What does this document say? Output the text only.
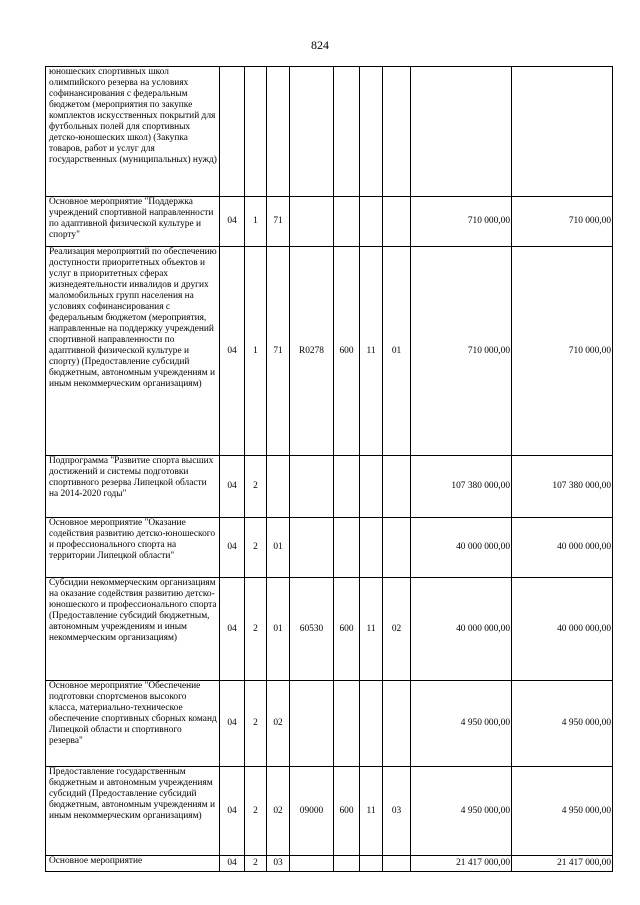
824
юношеских спортивных школ олимпийского резерва на условиях софинансирования с федеральным бюджетом (мероприятия по закупке комплектов искусственных покрытий для футбольных полей для спортивных детско-юношеских школ) (Закупка товаров, работ и услуг для государственных (муниципальных) нужд)									
Основное мероприятие "Поддержка учреждений спортивной направленности по адаптивной физической культуре и спорту"	04	1	71					710 000,00	710 000,00
Реализация мероприятий по обеспечению доступности приоритетных объектов и услуг в приоритетных сферах жизнедеятельности инвалидов и других маломобильных групп населения на условиях софинансирования с федеральным бюджетом (мероприятия, направленные на поддержку учреждений спортивной направленности по адаптивной физической культуре и спорту) (Предоставление субсидий бюджетным, автономным учреждениям и иным некоммерческим организациям)	04	1	71	R0278	600	11	01	710 000,00	710 000,00
Подпрограмма "Развитие спорта высших достижений и системы подготовки спортивного резерва Липецкой области на 2014-2020 годы"	04	2						107 380 000,00	107 380 000,00
Основное мероприятие "Оказание содействия развитию детско-юношеского и профессионального спорта на территории Липецкой области"	04	2	01					40 000 000,00	40 000 000,00
Субсидии некоммерческим организациям на оказание содействия развитию детско-юношеского и профессионального спорта (Предоставление субсидий бюджетным, автономным учреждениям и иным некоммерческим организациям)	04	2	01	60530	600	11	02	40 000 000,00	40 000 000,00
Основное мероприятие "Обеспечение подготовки спортсменов высокого класса, материально-техническое обеспечение спортивных сборных команд Липецкой области и спортивного резерва"	04	2	02					4 950 000,00	4 950 000,00
Предоставление государственным бюджетным и автономным учреждениям субсидий (Предоставление субсидий бюджетным, автономным учреждениям и иным некоммерческим организациям)	04	2	02	09000	600	11	03	4 950 000,00	4 950 000,00
Основное мероприятие	04	2	03					21 417 000,00	21 417 000,00
